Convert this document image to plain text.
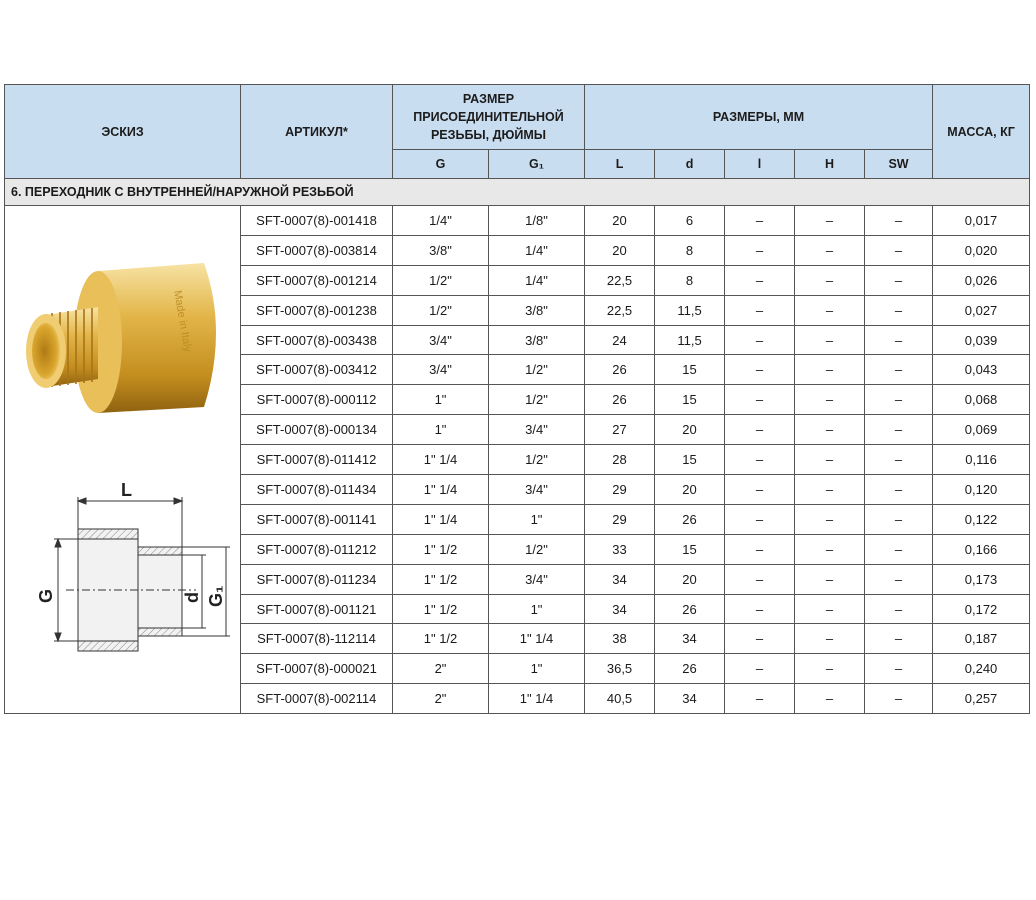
ЭСКИЗ	АРТИКУЛ*	РАЗМЕР ПРИСОЕДИНИТЕЛЬНОЙ РЕЗЬБЫ, ДЮЙМЫ		РАЗМЕРЫ, ММ					МАССА, КГ
		G	G₁	L	d	l	H	SW	
6. ПЕРЕХОДНИК С ВНУТРЕННЕЙ/НАРУЖНОЙ РЕЗЬБОЙ									

Made in Italy
L
G d G₁	SFT-0007(8)-001418	1/4"	1/8"	20	6	–	–	–	0,017
	SFT-0007(8)-003814	3/8"	1/4"	20	8	–	–	–	0,020
	SFT-0007(8)-001214	1/2"	1/4"	22,5	8	–	–	–	0,026
	SFT-0007(8)-001238	1/2"	3/8"	22,5	11,5	–	–	–	0,027
	SFT-0007(8)-003438	3/4"	3/8"	24	11,5	–	–	–	0,039
	SFT-0007(8)-003412	3/4"	1/2"	26	15	–	–	–	0,043
	SFT-0007(8)-000112	1"	1/2"	26	15	–	–	–	0,068
	SFT-0007(8)-000134	1"	3/4"	27	20	–	–	–	0,069
	SFT-0007(8)-011412	1" 1/4	1/2"	28	15	–	–	–	0,116
	SFT-0007(8)-011434	1" 1/4	3/4"	29	20	–	–	–	0,120
	SFT-0007(8)-001141	1" 1/4	1"	29	26	–	–	–	0,122
	SFT-0007(8)-011212	1" 1/2	1/2"	33	15	–	–	–	0,166
	SFT-0007(8)-011234	1" 1/2	3/4"	34	20	–	–	–	0,173
	SFT-0007(8)-001121	1" 1/2	1"	34	26	–	–	–	0,172
	SFT-0007(8)-112114	1" 1/2	1" 1/4	38	34	–	–	–	0,187
	SFT-0007(8)-000021	2"	1"	36,5	26	–	–	–	0,240
	SFT-0007(8)-002114	2"	1" 1/4	40,5	34	–	–	–	0,257
